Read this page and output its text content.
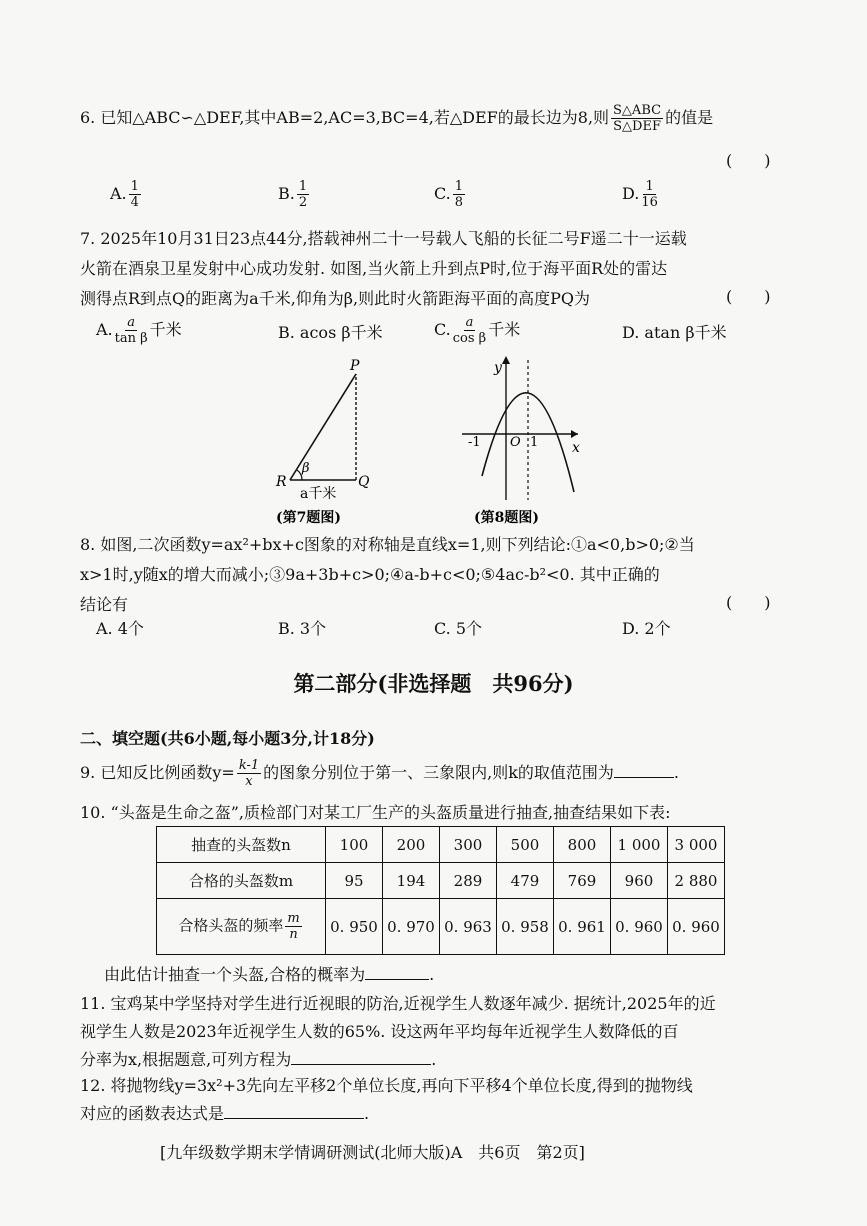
6. 已知△ABC∽△DEF,其中AB=2,AC=3,BC=4,若△DEF的最长边为8,则 $\frac{\text{S△ABC}}{\text{S△DEF}}$ 的值是
(　　)
A. $\frac{1}{4}$	B. $\frac{1}{2}$	C. $\frac{1}{8}$	D. $\frac{1}{16}$
7. 2025年10月31日23点44分,搭载神州二十一号载人飞船的长征二号F遥二十一运载
火箭在酒泉卫星发射中心成功发射. 如图,当火箭上升到点P时,位于海平面R处的雷达
测得点R到点Q的距离为a千米,仰角为β,则此时火箭距海平面的高度PQ为	(　　)
A. $\frac{a}{\text{tan β}}$ 千米	B. acos β千米	C. $\frac{a}{\text{cos β}}$ 千米	D. atan β千米
P
R	Q
β
a千米
(第7题图)
y
x
O 1
-1
(第8题图)
8. 如图,二次函数y=ax²+bx+c图象的对称轴是直线x=1,则下列结论:①a<0,b>0;②当
x>1时,y随x的增大而减小;③9a+3b+c>0;④a-b+c<0;⑤4ac-b²<0. 其中正确的
结论有	(　　)
A. 4个	B. 3个	C. 5个	D. 2个
第二部分(非选择题　共96分)
二、填空题(共6小题,每小题3分,计18分)
9. 已知反比例函数$y= \frac{k-1}{x}$ 的图象分别位于第一、三象限内,则k的取值范围为	.
10. “头盔是生命之盔”,质检部门对某工厂生产的头盔质量进行抽查,抽查结果如下表:
抽查的头盔数n	100	200	300	500	800	1 000	3 000
合格的头盔数m	95	194	289	479	769	960	2 880
合格头盔的频率 $\frac{m}{n}$	0. 950	0. 970	0. 963	0. 958	0. 961	0. 960	0. 960
由此估计抽查一个头盔,合格的概率为	.
11. 宝鸡某中学坚持对学生进行近视眼的防治,近视学生人数逐年减少. 据统计,2025年的近
视学生人数是2023年近视学生人数的65%. 设这两年平均每年近视学生人数降低的百
分率为x,根据题意,可列方程为	.
12. 将抛物线y=3x²+3先向左平移2个单位长度,再向下平移4个单位长度,得到的抛物线
对应的函数表达式是	.
[九年级数学期末学情调研测试(北师大版)A　共6页　第2页]
